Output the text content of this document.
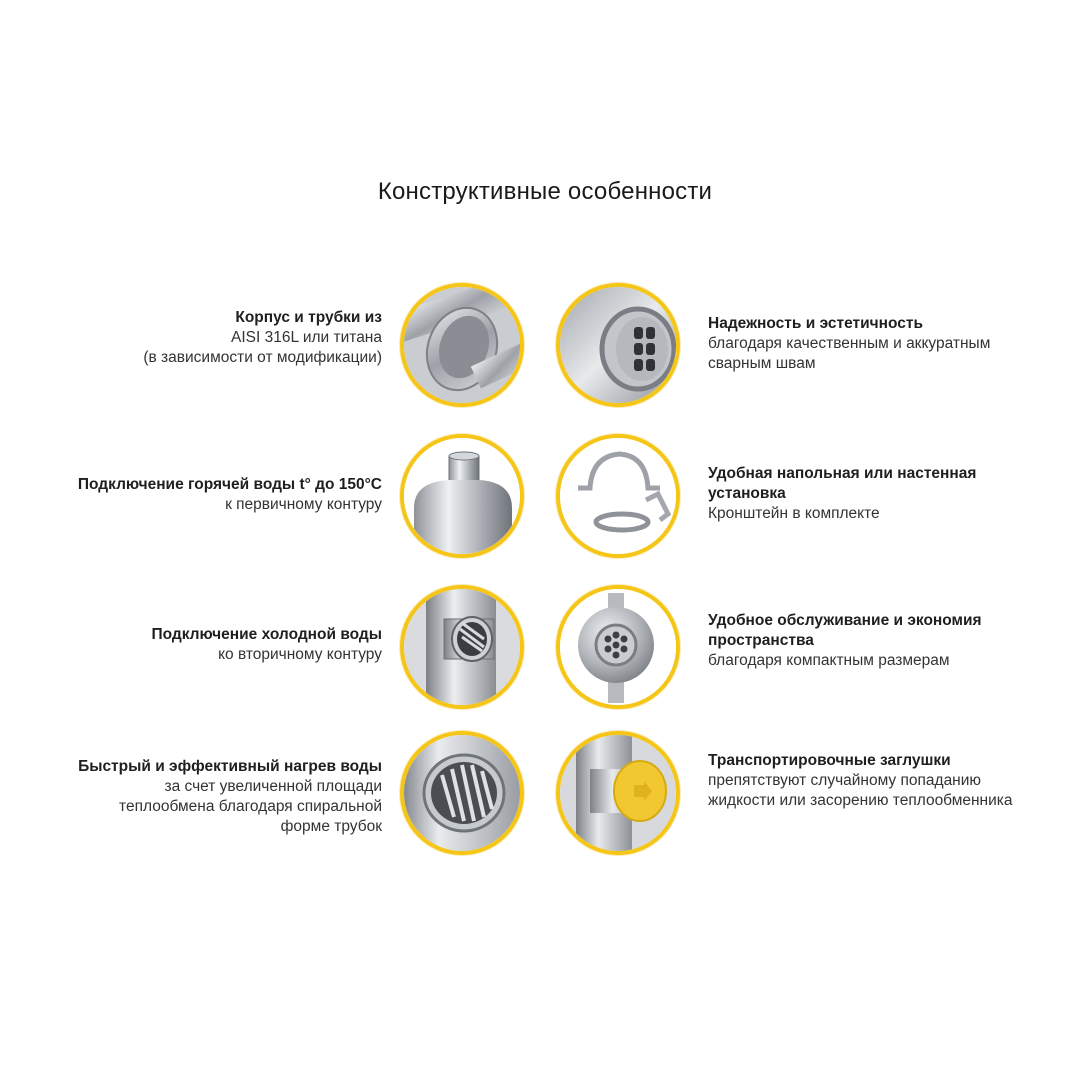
Конструктивные особенности
Корпус и трубки из
AISI 316L или титана
(в зависимости от модификации)
Подключение горячей воды t° до 150°С
к первичному контуру
Подключение холодной воды
ко вторичному контуру
Быстрый и эффективный нагрев воды
за счет увеличенной площади
теплообмена благодаря спиральной
форме трубок
Надежность и эстетичность
благодаря качественным и аккуратным
сварным швам
Удобная напольная или настенная
установка
Кронштейн в комплекте
Удобное обслуживание и экономия
пространства
благодаря компактным размерам
Транспортировочные заглушки
препятствуют случайному попаданию
жидкости или засорению теплообменника
